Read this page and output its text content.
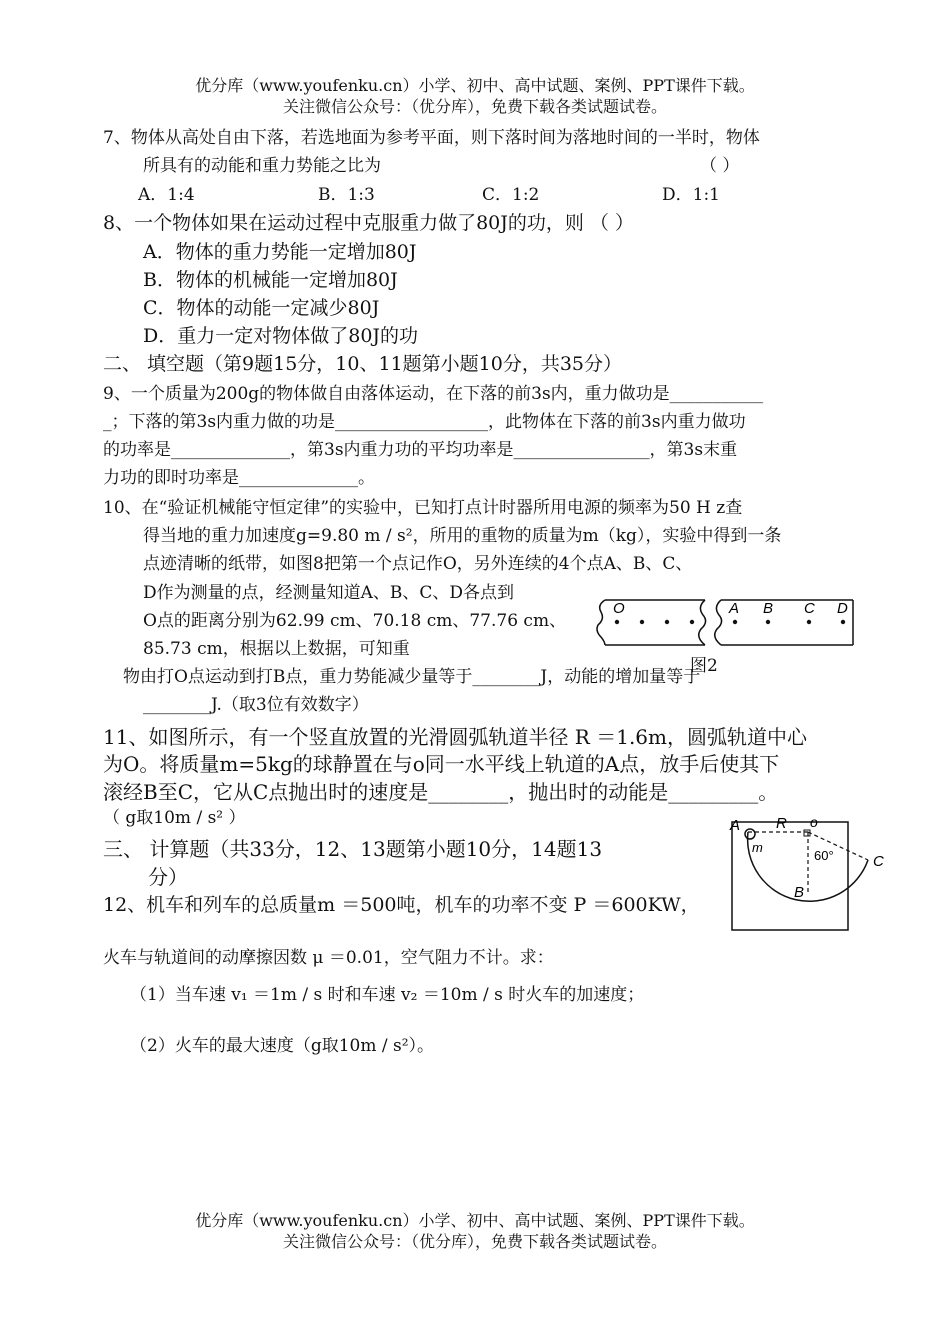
优分库（www.youfenku.cn）小学、初中、高中试题、案例、PPT课件下载。
关注微信公众号：（优分库），免费下载各类试题试卷。
7、物体从高处自由下落，若选地面为参考平面，则下落时间为落地时间的一半时，物体
所具有的动能和重力势能之比为	（ ）
A．1:4	B．1:3	C．1:2	D．1:1
8、一个物体如果在运动过程中克服重力做了80J的功，则 （ ）
A．物体的重力势能一定增加80J
B．物体的机械能一定增加80J
C．物体的动能一定减少80J
D．重力一定对物体做了80J的功
二、 填空题（第9题15分，10、11题第小题10分，共35分）
9、一个质量为200g的物体做自由落体运动，在下落的前3s内，重力做功是___________
_；下落的第3s内重力做的功是__________________，此物体在下落的前3s内重力做功
的功率是______________，第3s内重力功的平均功率是________________，第3s末重
力功的即时功率是______________。
10、在“验证机械能守恒定律”的实验中，已知打点计时器所用电源的频率为50 H z查
得当地的重力加速度g=9.80 m / s²，所用的重物的质量为m（kg），实验中得到一条
点迹清晰的纸带，如图8把第一个点记作O，另外连续的4个点A、B、C、
D作为测量的点，经测量知道A、B、C、D各点到
O点的距离分别为62.99 cm、70.18 cm、77.76 cm、
85.73 cm，根据以上数据，可知重
物由打O点运动到打B点，重力势能减少量等于________J，动能的增加量等于
________J.（取3位有效数字）
O	A B C D
图2
11、如图所示，有一个竖直放置的光滑圆弧轨道半径 R ＝1.6m，圆弧轨道中心
为O。将质量m=5kg的球静置在与o同一水平线上轨道的A点，放手后使其下
滚经B至C，它从C点抛出时的速度是________，抛出时的动能是_________。
（ g取10m / s² ）
三、 计算题（共33分，12、13题第小题10分，14题13
分）
A R o
m
60°
B
C
12、机车和列车的总质量m ＝500吨，机车的功率不变 P ＝600KW，
火车与轨道间的动摩擦因数 μ ＝0.01，空气阻力不计。求：
（1）当车速 v₁ ＝1m / s 时和车速 v₂ ＝10m / s 时火车的加速度；
（2）火车的最大速度（g取10m / s²）。
优分库（www.youfenku.cn）小学、初中、高中试题、案例、PPT课件下载。
关注微信公众号：（优分库），免费下载各类试题试卷。
